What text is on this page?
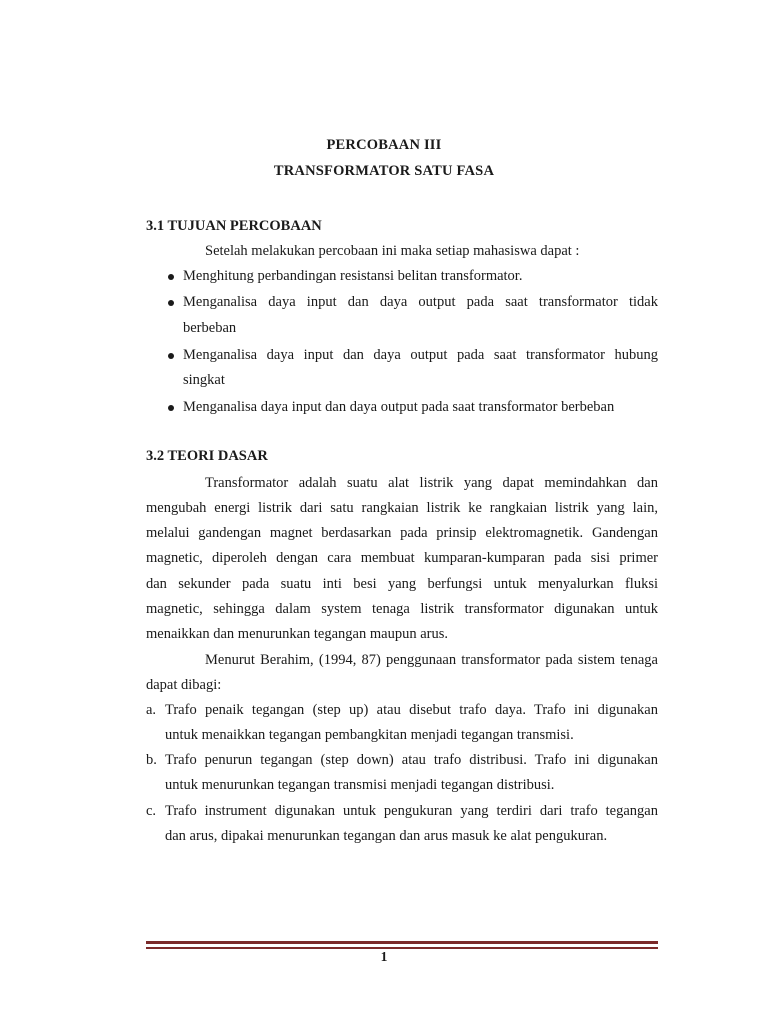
PERCOBAAN III
TRANSFORMATOR SATU FASA
3.1 TUJUAN PERCOBAAN
Setelah melakukan percobaan ini maka setiap mahasiswa dapat :
Menghitung perbandingan resistansi belitan transformator.
Menganalisa daya input dan daya output pada saat transformator tidak
berbeban
Menganalisa daya input dan daya output pada saat transformator hubung
singkat
Menganalisa daya input dan daya output pada saat transformator berbeban
3.2 TEORI DASAR
Transformator adalah suatu alat listrik yang dapat memindahkan dan
mengubah energi listrik dari satu rangkaian listrik ke rangkaian listrik yang lain,
melalui gandengan magnet berdasarkan pada prinsip elektromagnetik. Gandengan
magnetic, diperoleh dengan cara membuat kumparan-kumparan pada sisi primer
dan sekunder pada suatu inti besi yang berfungsi untuk menyalurkan fluksi
magnetic, sehingga dalam system tenaga listrik transformator digunakan untuk
menaikkan dan menurunkan tegangan maupun arus.
Menurut Berahim, (1994, 87) penggunaan transformator pada sistem tenaga
dapat dibagi:
a. Trafo penaik tegangan (step up) atau disebut trafo daya. Trafo ini digunakan
untuk menaikkan tegangan pembangkitan menjadi tegangan transmisi.
b. Trafo penurun tegangan (step down) atau trafo distribusi. Trafo ini digunakan
untuk menurunkan tegangan transmisi menjadi tegangan distribusi.
c. Trafo instrument digunakan untuk pengukuran yang terdiri dari trafo tegangan
dan arus, dipakai menurunkan tegangan dan arus masuk ke alat pengukuran.
1
